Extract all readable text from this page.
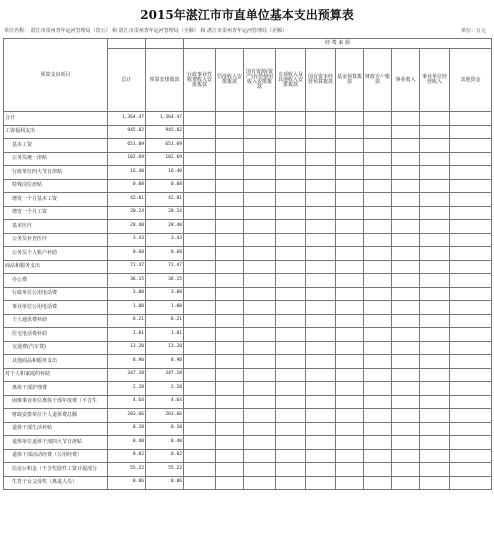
2015年湛江市市直单位基本支出预算表
单位名称： 湛江市雷州青年运河管理局（饮公） 和 湛江市雷州青年运河管理局（全额） 和 湛江市雷州青年运河管理局（差额）	单位：万元
预算支出项目			经 费 来 源									
	总计	预算安排拨款	行政事业性收费收入安排拨款	罚没收入安排拨款	国有资源(资产)有偿使用收入安排拨款	专项收入及其他收入安排拨款	国有资本经营预算拨款	基金预算拨款	财政专户拨款	事业收入	事业单位经营收入	其他资金
合计	1,364.47	1,364.47										
工资福利支出	945.82	945.82										
基本工资	651.09	651.09										
公务员统一津贴	182.69	182.69										
行政单位四大节日津贴	16.40	16.40										
特殊岗位津贴	0.08	0.08										
增发一个月基本工资	42.81	42.81										
增发一个月工资	20.24	20.24										
基本医疗	28.40	28.40										
公务员补充医疗	3.43	3.43										
公务员个人账户补助	0.68	0.68										
商品和服务支出	71.47	71.47										
办公费	36.15	36.15										
行政单位公用电话费	3.00	3.00										
事业单位公用电话费	1.00	1.00										
个人通讯费补助	8.21	8.21										
住宅电话费补助	1.01	1.01										
交通费(汽车费)	13.20	13.20										
其他商品和服务支出	8.90	8.90										
对个人和家庭的补助	347.18	347.18										
离休干部护理费	2.28	2.28										
困难事业单位离休干部年度费（不含生	4.64	4.64										
财政安排单位个人退休费总额	203.66	203.66										
退休干部生活补贴	0.10	0.10										
退休单位退休干部四大节日津贴	0.40	0.40										
退休干部活动经费（公用经费）	0.02	0.02										
住房公积金（不含奖励性工资计提部分	55.22	55.22										
生育子女父母奖（离退人员）	0.86	0.86										
